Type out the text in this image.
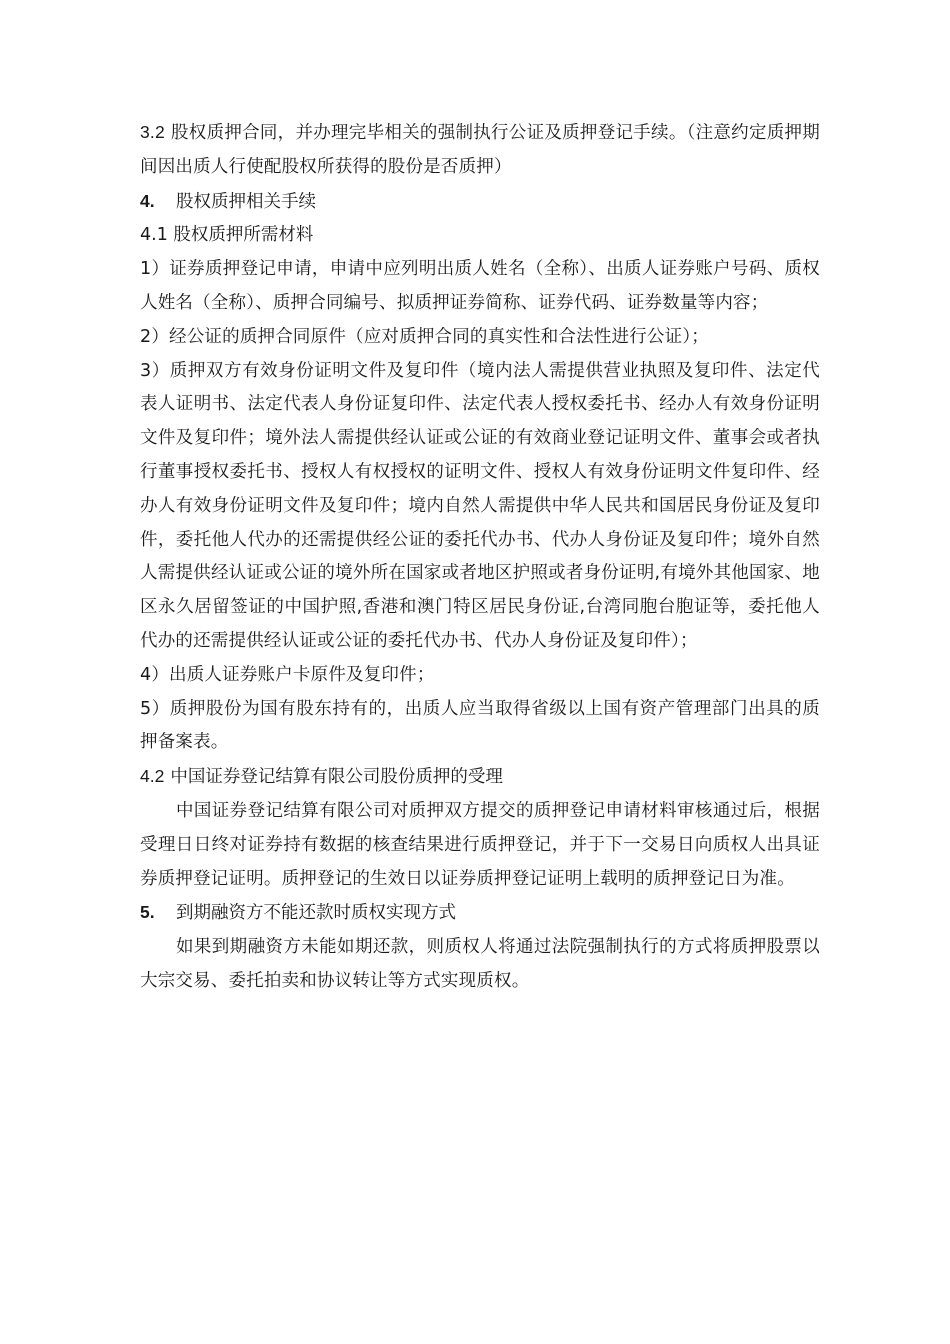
3.2 股权质押合同，并办理完毕相关的强制执行公证及质押登记手续。（注意约定质押期间因出质人行使配股权所获得的股份是否质押）

4. 股权质押相关手续

4.1 股权质押所需材料

1）证券质押登记申请，申请中应列明出质人姓名（全称）、出质人证券账户号码、质权人姓名（全称）、质押合同编号、拟质押证券简称、证券代码、证券数量等内容；

2）经公证的质押合同原件（应对质押合同的真实性和合法性进行公证）；

3）质押双方有效身份证明文件及复印件（境内法人需提供营业执照及复印件、法定代表人证明书、法定代表人身份证复印件、法定代表人授权委托书、经办人有效身份证明文件及复印件；境外法人需提供经认证或公证的有效商业登记证明文件、董事会或者执行董事授权委托书、授权人有权授权的证明文件、授权人有效身份证明文件复印件、经办人有效身份证明文件及复印件；境内自然人需提供中华人民共和国居民身份证及复印件，委托他人代办的还需提供经公证的委托代办书、代办人身份证及复印件；境外自然人需提供经认证或公证的境外所在国家或者地区护照或者身份证明,有境外其他国家、地区永久居留签证的中国护照,香港和澳门特区居民身份证,台湾同胞台胞证等，委托他人代办的还需提供经认证或公证的委托代办书、代办人身份证及复印件）；

4）出质人证券账户卡原件及复印件；

5）质押股份为国有股东持有的，出质人应当取得省级以上国有资产管理部门出具的质押备案表。

4.2 中国证券登记结算有限公司股份质押的受理

中国证券登记结算有限公司对质押双方提交的质押登记申请材料审核通过后，根据受理日日终对证券持有数据的核查结果进行质押登记，并于下一交易日向质权人出具证券质押登记证明。质押登记的生效日以证券质押登记证明上载明的质押登记日为准。

5. 到期融资方不能还款时质权实现方式

如果到期融资方未能如期还款，则质权人将通过法院强制执行的方式将质押股票以大宗交易、委托拍卖和协议转让等方式实现质权。
